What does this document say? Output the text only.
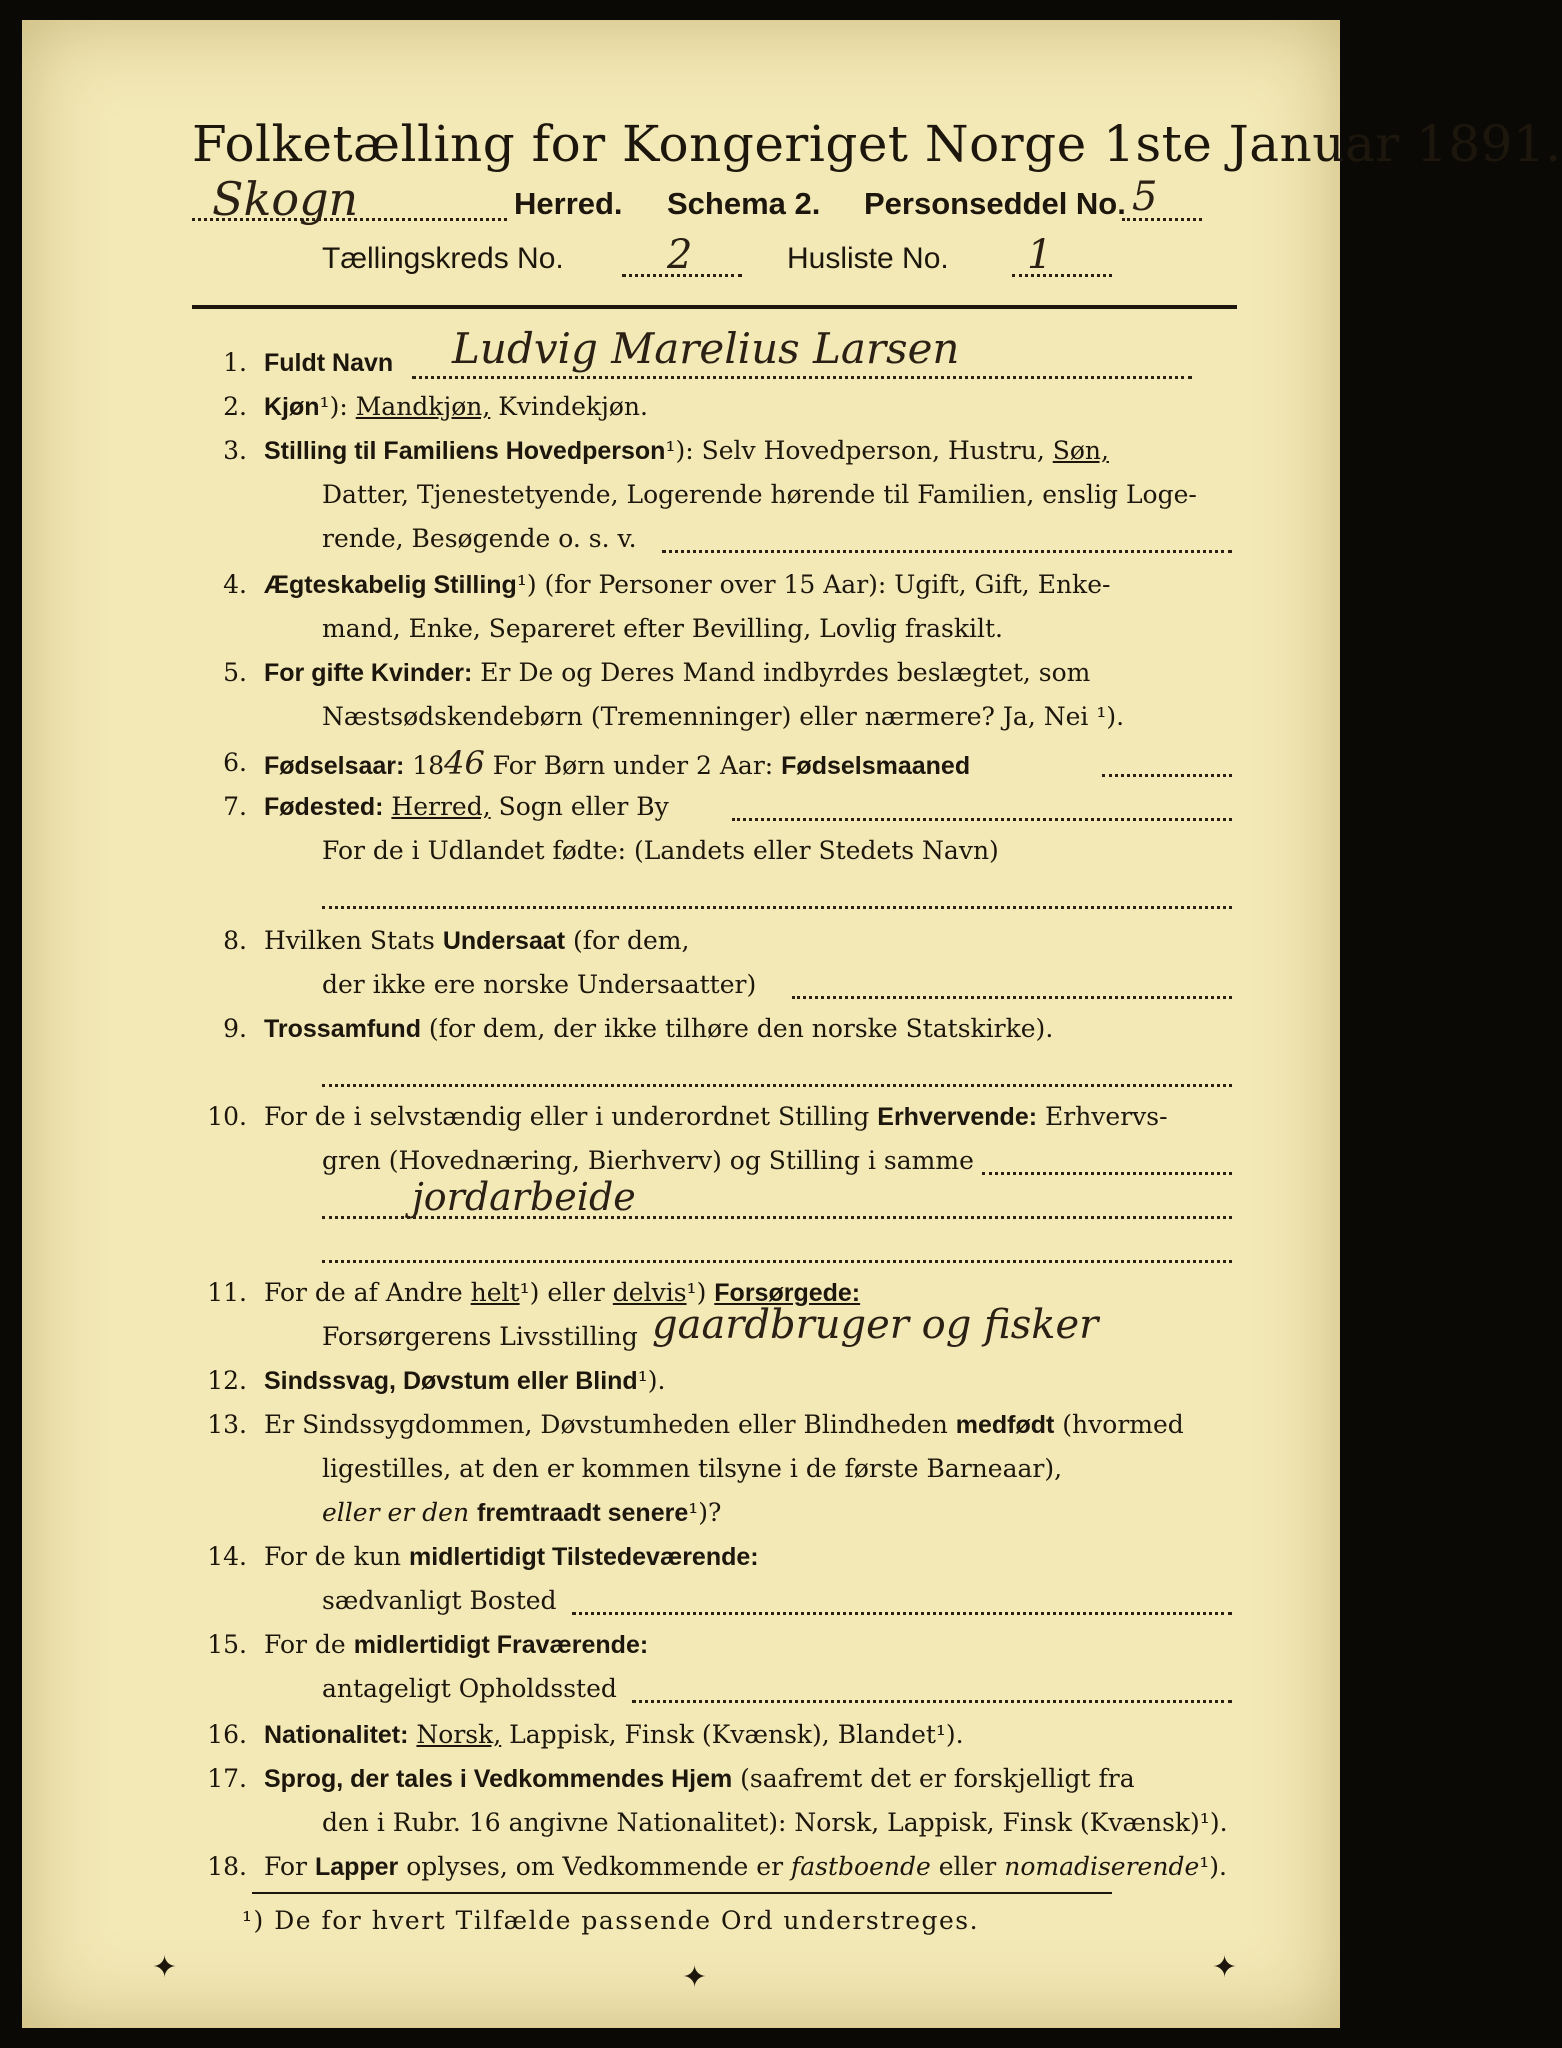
Folketælling for Kongeriget Norge 1ste Januar 1891.
Skogn	Herred. Schema 2. Personseddel No. 5
Tællingskreds No.	2	Husliste No. 1
1. Fuldt Navn	Ludvig Marelius Larsen
2. Kjøn¹): Mandkjøn, Kvindekjøn.
3. Stilling til Familiens Hovedperson¹): Selv Hovedperson, Hustru, Søn,
Datter, Tjenestetyende, Logerende hørende til Familien, enslig Loge-
rende, Besøgende o. s. v.
4. Ægteskabelig Stilling¹) (for Personer over 15 Aar): Ugift, Gift, Enke-
mand, Enke, Separeret efter Bevilling, Lovlig fraskilt.
5. For gifte Kvinder: Er De og Deres Mand indbyrdes beslægtet, som
Næstsødskendebørn (Tremenninger) eller nærmere? Ja, Nei ¹).
6. Fødselsaar: 1846 For Børn under 2 Aar: Fødselsmaaned
7. Fødested: Herred, Sogn eller By
For de i Udlandet fødte: (Landets eller Stedets Navn)
8. Hvilken Stats Undersaat (for dem,
der ikke ere norske Undersaatter)
9. Trossamfund (for dem, der ikke tilhøre den norske Statskirke).
10. For de i selvstændig eller i underordnet Stilling Erhvervende: Erhvervs-
gren (Hovednæring, Bierhverv) og Stilling i samme
jordarbeide
11. For de af Andre helt¹) eller delvis¹) Forsørgede:
Forsørgerens Livsstilling gaardbruger og fisker
12. Sindssvag, Døvstum eller Blind¹).
13. Er Sindssygdommen, Døvstumheden eller Blindheden medfødt (hvormed
ligestilles, at den er kommen tilsyne i de første Barneaar),
eller er den fremtraadt senere¹)?
14. For de kun midlertidigt Tilstedeværende:
sædvanligt Bosted
15. For de midlertidigt Fraværende:
antageligt Opholdssted
16. Nationalitet: Norsk, Lappisk, Finsk (Kvænsk), Blandet¹).
17. Sprog, der tales i Vedkommendes Hjem (saafremt det er forskjelligt fra
den i Rubr. 16 angivne Nationalitet): Norsk, Lappisk, Finsk (Kvænsk)¹).
18. For Lapper oplyses, om Vedkommende er fastboende eller nomadiserende¹).
¹) De for hvert Tilfælde passende Ord understreges.
✦	✦	✦
